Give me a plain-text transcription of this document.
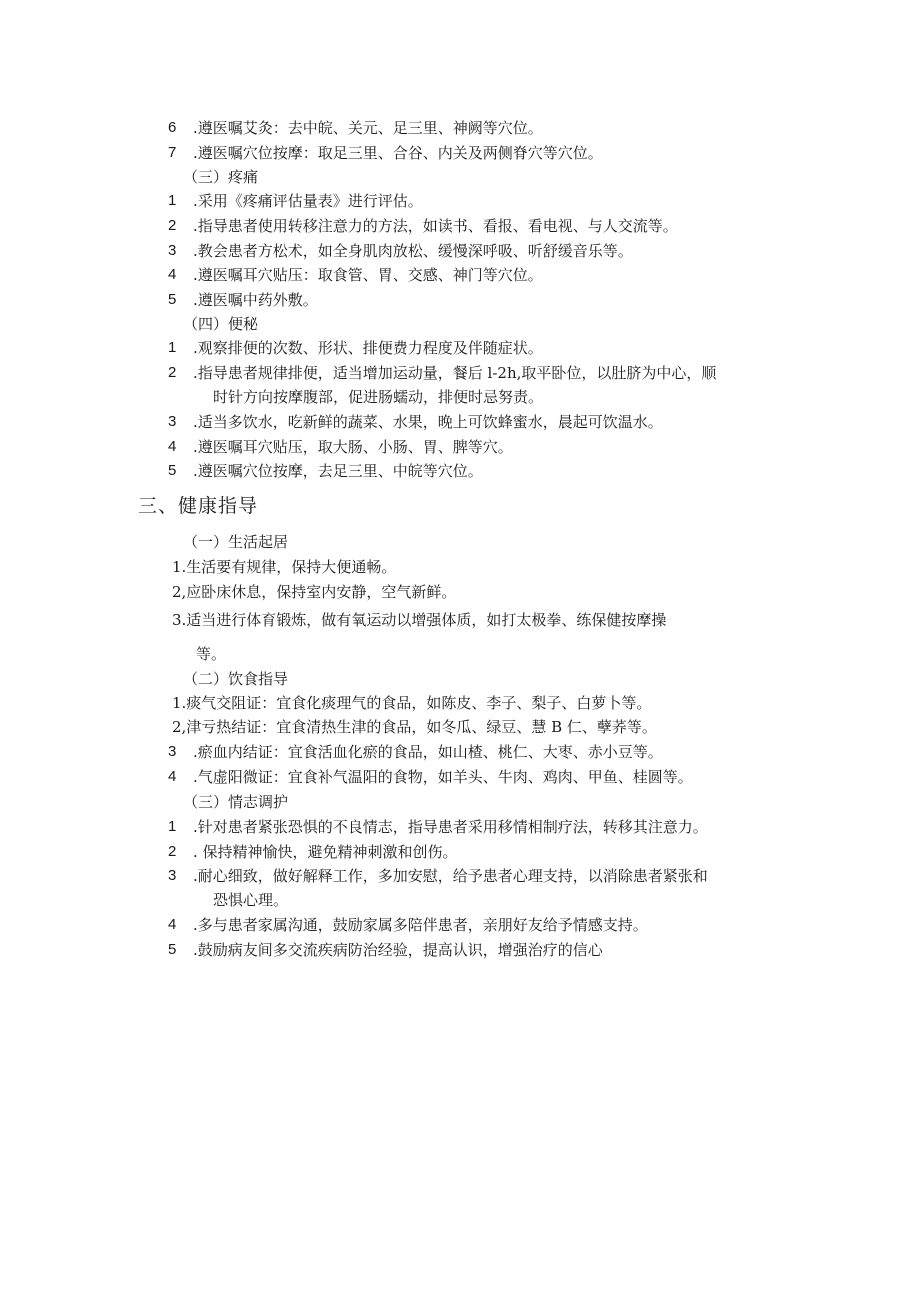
6 .遵医嘱艾灸：去中皖、关元、足三里、神阙等穴位。
7 .遵医嘱穴位按摩：取足三里、合谷、内关及两侧脊穴等穴位。
（三）疼痛
1 .采用《疼痛评估量表》进行评估。
2 .指导患者使用转移注意力的方法，如读书、看报、看电视、与人交流等。
3 .教会患者方松术，如全身肌肉放松、缓慢深呼吸、听舒缓音乐等。
4 .遵医嘱耳穴贴压：取食管、胃、交感、神门等穴位。
5 .遵医嘱中药外敷。
（四）便秘
1 .观察排便的次数、形状、排便费力程度及伴随症状。
2 .指导患者规律排便，适当增加运动量，餐后 l-2h,取平卧位，以肚脐为中心，顺
时针方向按摩腹部，促进肠蠕动，排便时忌努责。
3 .适当多饮水，吃新鲜的蔬菜、水果，晚上可饮蜂蜜水，晨起可饮温水。
4 .遵医嘱耳穴贴压，取大肠、小肠、胃、脾等穴。
5 .遵医嘱穴位按摩，去足三里、中皖等穴位。
三、健康指导
（一）生活起居
1.生活要有规律，保持大便通畅。
2,应卧床休息，保持室内安静，空气新鲜。
3.适当进行体育锻炼，做有氧运动以增强体质，如打太极拳、练保健按摩操
等。
（二）饮食指导
1.痰气交阻证：宜食化痰理气的食品，如陈皮、李子、梨子、白萝卜等。
2,津亏热结证：宜食清热生津的食品，如冬瓜、绿豆、慧 B 仁、孽荞等。
3 .瘀血内结证：宜食活血化瘀的食品，如山楂、桃仁、大枣、赤小豆等。
4 .气虚阳微证：宜食补气温阳的食物，如羊头、牛肉、鸡肉、甲鱼、桂圆等。
（三）情志调护
1 .针对患者紧张恐惧的不良情志，指导患者采用移情相制疗法，转移其注意力。
2 . 保持精神愉快，避免精神刺激和创伤。
3 .耐心细致，做好解释工作，多加安慰，给予患者心理支持，以消除患者紧张和
恐惧心理。
4 .多与患者家属沟通，鼓励家属多陪伴患者，亲朋好友给予情感支持。
5 .鼓励病友间多交流疾病防治经验，提高认识，增强治疗的信心
